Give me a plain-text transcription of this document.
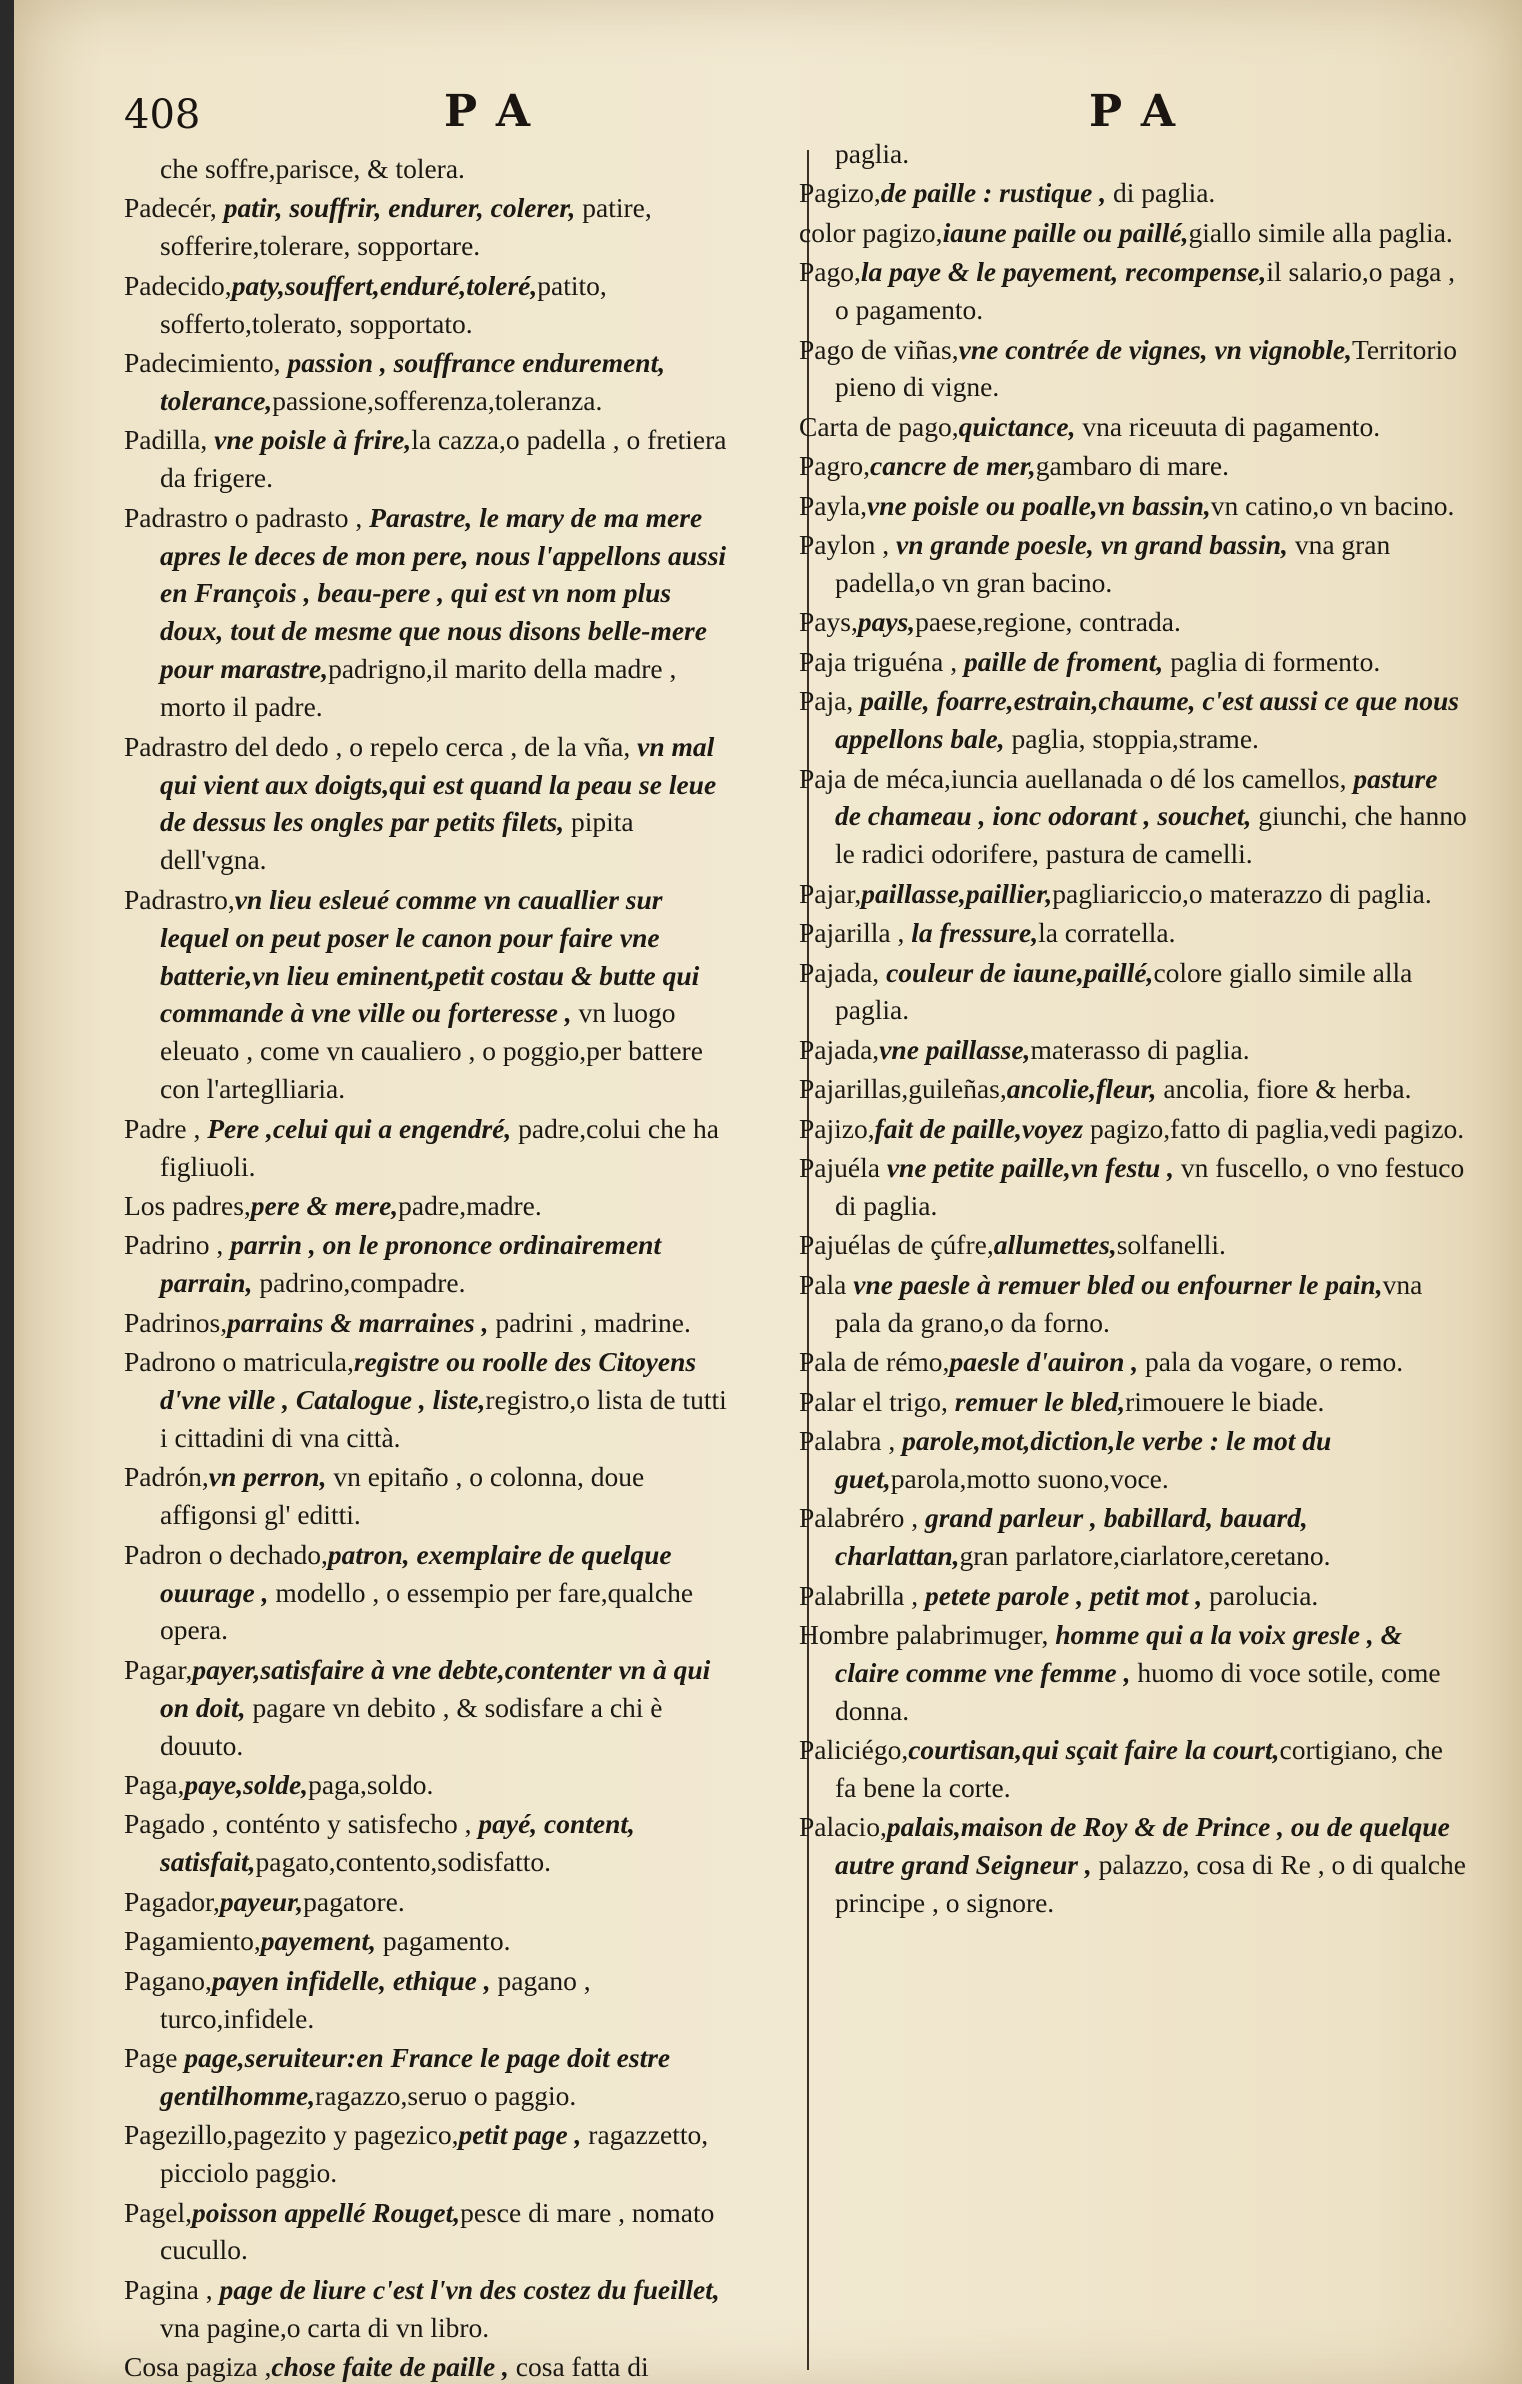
408	PA	PA
che soffre,parisce, & tolera.
Padecér, patir, souffrir, endurer, colerer, patire, sofferire,tolerare, sopportare.
Padecido,paty,souffert,enduré,toleré,patito, sofferto,tolerato, sopportato.
Padecimiento, passion , souffrance endurement, tolerance,passione,sofferenza,toleranza.
Padilla, vne poisle à frire,la cazza,o padella , o fretiera da frigere.
Padrastro o padrasto , Parastre, le mary de ma mere apres le deces de mon pere, nous l'appellons aussi en François , beau-pere , qui est vn nom plus doux, tout de mesme que nous disons belle-mere pour marastre,padrigno,il marito della madre , morto il padre.
Padrastro del dedo , o repelo cerca , de la vña, vn mal qui vient aux doigts,qui est quand la peau se leue de dessus les ongles par petits filets, pipita dell'vgna.
Padrastro,vn lieu esleué comme vn cauallier sur lequel on peut poser le canon pour faire vne batterie,vn lieu eminent,petit costau & butte qui commande à vne ville ou forteresse , vn luogo eleuato , come vn caualiero , o poggio,per battere con l'arteglliaria.
Padre , Pere ,celui qui a engendré, padre,colui che ha figliuoli.
Los padres,pere & mere,padre,madre.
Padrino , parrin , on le prononce ordinairement parrain, padrino,compadre.
Padrinos,parrains & marraines , padrini , madrine.
Padrono o matricula,registre ou roolle des Citoyens d'vne ville , Catalogue , liste,registro,o lista de tutti i cittadini di vna città.
Padrón,vn perron, vn epitaño , o colonna, doue affigonsi gl' editti.
Padron o dechado,patron, exemplaire de quelque ouurage , modello , o essempio per fare,qualche opera.
Pagar,payer,satisfaire à vne debte,contenter vn à qui on doit, pagare vn debito , & sodisfare a chi è douuto.
Paga,paye,solde,paga,soldo.
Pagado , conténto y satisfecho , payé, content, satisfait,pagato,contento,sodisfatto.
Pagador,payeur,pagatore.
Pagamiento,payement, pagamento.
Pagano,payen infidelle, ethique , pagano , turco,infidele.
Page page,seruiteur:en France le page doit estre gentilhomme,ragazzo,seruo o paggio.
Pagezillo,pagezito y pagezico,petit page , ragazzetto, picciolo paggio.
Pagel,poisson appellé Rouget,pesce di mare , nomato cucullo.
Pagina , page de liure c'est l'vn des costez du fueillet, vna pagine,o carta di vn libro.
Cosa pagiza ,chose faite de paille , cosa fatta di
paglia.
Pagizo,de paille : rustique , di paglia.
color pagizo,iaune paille ou paillé,giallo simile alla paglia.
Pago,la paye & le payement, recompense,il salario,o paga , o pagamento.
Pago de viñas,vne contrée de vignes, vn vignoble,Territorio pieno di vigne.
Carta de pago,quictance, vna riceuuta di pagamento.
Pagro,cancre de mer,gambaro di mare.
Payla,vne poisle ou poalle,vn bassin,vn catino,o vn bacino.
Paylon , vn grande poesle, vn grand bassin, vna gran padella,o vn gran bacino.
Pays,pays,paese,regione, contrada.
Paja triguéna , paille de froment, paglia di formento.
Paja, paille, foarre,estrain,chaume, c'est aussi ce que nous appellons bale, paglia, stoppia,strame.
Paja de méca,iuncia auellanada o dé los camellos, pasture de chameau , ionc odorant , souchet, giunchi, che hanno le radici odorifere, pastura de camelli.
Pajar,paillasse,paillier,pagliariccio,o materazzo di paglia.
Pajarilla , la fressure,la corratella.
Pajada, couleur de iaune,paillé,colore giallo simile alla paglia.
Pajada,vne paillasse,materasso di paglia.
Pajarillas,guileñas,ancolie,fleur, ancolia, fiore & herba.
Pajizo,fait de paille,voyez pagizo,fatto di paglia,vedi pagizo.
Pajuéla vne petite paille,vn festu , vn fuscello, o vno festuco di paglia.
Pajuélas de çúfre,allumettes,solfanelli.
Pala vne paesle à remuer bled ou enfourner le pain,vna pala da grano,o da forno.
Pala de rémo,paesle d'auiron , pala da vogare, o remo.
Palar el trigo, remuer le bled,rimouere le biade.
Palabra , parole,mot,diction,le verbe : le mot du guet,parola,motto suono,voce.
Palabréro , grand parleur , babillard, bauard, charlattan,gran parlatore,ciarlatore,ceretano.
Palabrilla , petete parole , petit mot , parolucia.
Hombre palabrimuger, homme qui a la voix gresle , & claire comme vne femme , huomo di voce sotile, come donna.
Paliciégo,courtisan,qui sçait faire la court,cortigiano, che fa bene la corte.
Palacio,palais,maison de Roy & de Prince , ou de quelque autre grand Seigneur , palazzo, cosa di Re , o di qualche principe , o signore.
